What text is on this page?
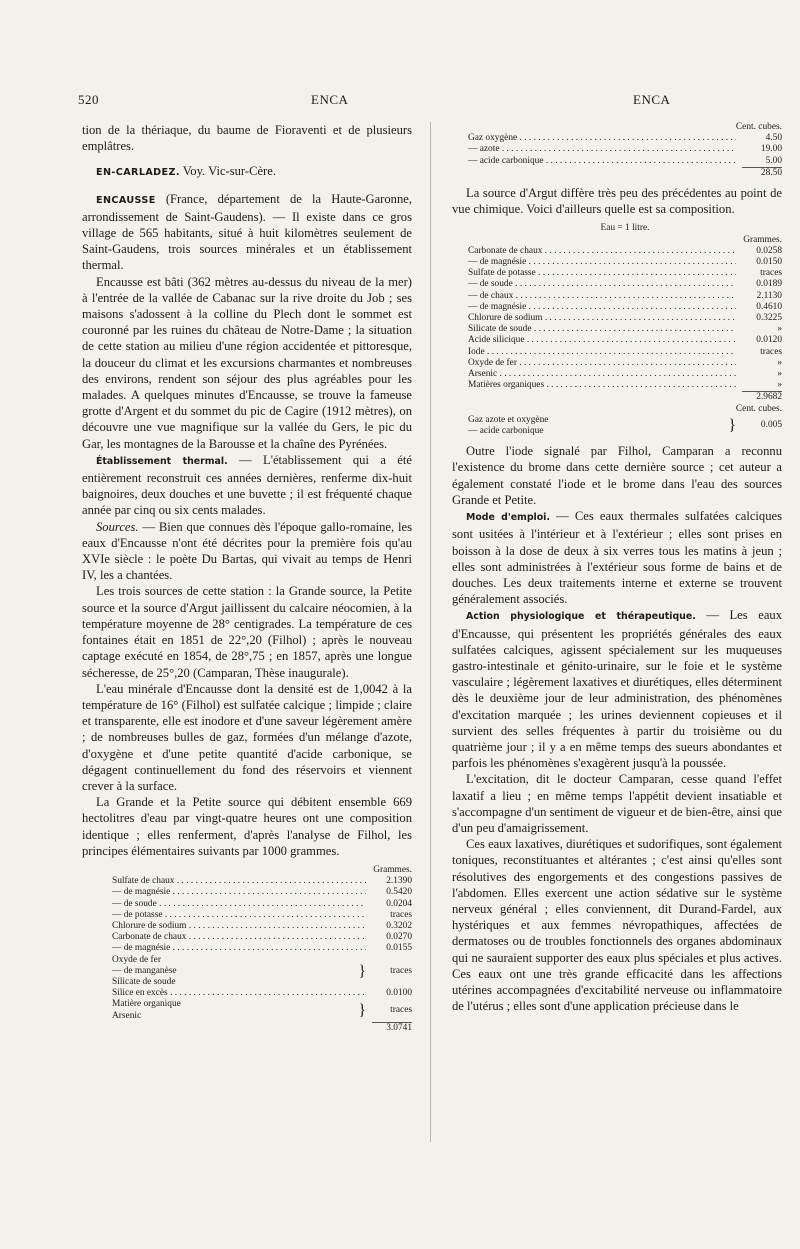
520	ENCA	ENCA

tion de la thériaque, du baume de Fioraventi et de plusieurs emplâtres.

EN-CARLADEZ. Voy. Vic-sur-Cère.

ENCAUSSE (France, département de la Haute-Garonne, arrondissement de Saint-Gaudens). — Il existe dans ce gros village de 565 habitants, situé à huit kilomètres seulement de Saint-Gaudens, trois sources minérales et un établissement thermal.

Encausse est bâti (362 mètres au-dessus du niveau de la mer) à l'entrée de la vallée de Cabanac sur la rive droite du Job ; ses maisons s'adossent à la colline du Plech dont le sommet est couronné par les ruines du château de Notre-Dame ; la situation de cette station au milieu d'une région accidentée et pittoresque, la douceur du climat et les excursions charmantes et nombreuses des environs, rendent son séjour des plus agréables pour les malades. A quelques minutes d'Encausse, se trouve la fameuse grotte d'Argent et du sommet du pic de Cagire (1912 mètres), on découvre une vue magnifique sur la vallée du Gers, le pic du Gar, les montagnes de la Barousse et la chaîne des Pyrénées.

Établissement thermal. — L'établissement qui a été entièrement reconstruit ces années dernières, renferme dix-huit baignoires, deux douches et une buvette ; il est fréquenté chaque année par cinq ou six cents malades.

Sources. — Bien que connues dès l'époque gallo-romaine, les eaux d'Encausse n'ont été décrites pour la première fois qu'au XVIe siècle : le poète Du Bartas, qui vivait au temps de Henri IV, les a chantées.

Les trois sources de cette station : la Grande source, la Petite source et la source d'Argut jaillissent du calcaire néocomien, à la température moyenne de 28° centigrades. La température de ces fontaines était en 1851 de 22°,20 (Filhol) ; après le nouveau captage exécuté en 1854, de 28°,75 ; en 1857, après une longue sécheresse, de 25°,20 (Camparan, Thèse inaugurale).

L'eau minérale d'Encausse dont la densité est de 1,0042 à la température de 16° (Filhol) est sulfatée calcique ; limpide ; claire et transparente, elle est inodore et d'une saveur légèrement amère ; de nombreuses bulles de gaz, formées d'un mélange d'azote, d'oxygène et d'une petite quantité d'acide carbonique, se dégagent continuellement du fond des réservoirs et viennent crever à la surface.

La Grande et la Petite source qui débitent ensemble 669 hectolitres d'eau par vingt-quatre heures ont une composition identique ; elles renferment, d'après l'analyse de Filhol, les principes élémentaires suivants par 1000 grammes.

Grammes.
Sulfate de chaux . . .	2.1390
— de magnésie . . .	0.5420
— de soude . . .	0.0204
— de potasse . . .	traces
Chlorure de sodium . . .	0.3202
Carbonate de chaux . . .	0.0270
— de magnésie . . .	0.0155
Oxyde de fer
— de manganèse
Silicate de soude
}	traces
Silice en excès . . .	0.0100
Matière organique
Arsenic	}	traces
3.0741
Cent. cubes.
Gaz oxygène . . .	4.50
— azote . . .	19.00
— acide carbonique . . .	5.00
28.50

La source d'Argut diffère très peu des précédentes au point de vue chimique. Voici d'ailleurs quelle est sa composition.

Eau = 1 litre.
Grammes.
Carbonate de chaux . . .	0.0258
— de magnésie . . .	0.0150
Sulfate de potasse . . .	traces
— de soude . . .	0.0189
— de chaux . . .	2.1130
— de magnésie . . .	0.4610
Chlorure de sodium . . .	0.3225
Silicate de soude . . .	»
Acide silicique . . .	0.0120
Iode . . .	traces
Oxyde de fer . . .	»
Arsenic . . .	»
Matières organiques . . .	»
2.9682
Cent. cubes.
Gaz azote et oxygène
— acide carbonique	}	0.005

Outre l'iode signalé par Filhol, Camparan a reconnu l'existence du brome dans cette dernière source ; cet auteur a également constaté l'iode et le brome dans l'eau des sources Grande et Petite.

Mode d'emploi. — Ces eaux thermales sulfatées calciques sont usitées à l'intérieur et à l'extérieur ; elles sont prises en boisson à la dose de deux à six verres tous les matins à jeun ; elles sont administrées à l'extérieur sous forme de bains et de douches. Les deux traitements interne et externe se trouvent généralement associés.

Action physiologique et thérapeutique. — Les eaux d'Encausse, qui présentent les propriétés générales des eaux sulfatées calciques, agissent spécialement sur les muqueuses gastro-intestinale et génito-urinaire, sur le foie et le système vasculaire ; légèrement laxatives et diurétiques, elles déterminent dès le deuxième jour de leur administration, des phénomènes d'excitation marquée ; les urines deviennent copieuses et il survient des selles fréquentes à partir du troisième ou du quatrième jour ; il y a en même temps des sueurs abondantes et parfois les phénomènes s'exagèrent jusqu'à la poussée.

L'excitation, dit le docteur Camparan, cesse quand l'effet laxatif a lieu ; en même temps l'appétit devient insatiable et s'accompagne d'un sentiment de vigueur et de bien-être, ainsi que d'un peu d'amaigrissement.

Ces eaux laxatives, diurétiques et sudorifiques, sont également toniques, reconstituantes et altérantes ; c'est ainsi qu'elles sont résolutives des engorgements et des congestions passives de l'abdomen. Elles exercent une action sédative sur le système nerveux général ; elles conviennent, dit Durand-Fardel, aux hystériques et aux femmes névropathiques, affectées de dermatoses ou de troubles fonctionnels des organes abdominaux qui ne sauraient supporter des eaux plus spéciales et plus actives. Ces eaux ont une très grande efficacité dans les affections utérines accompagnées d'excitabilité nerveuse ou inflammatoire de l'utérus ; elles sont d'une application précieuse dans le
